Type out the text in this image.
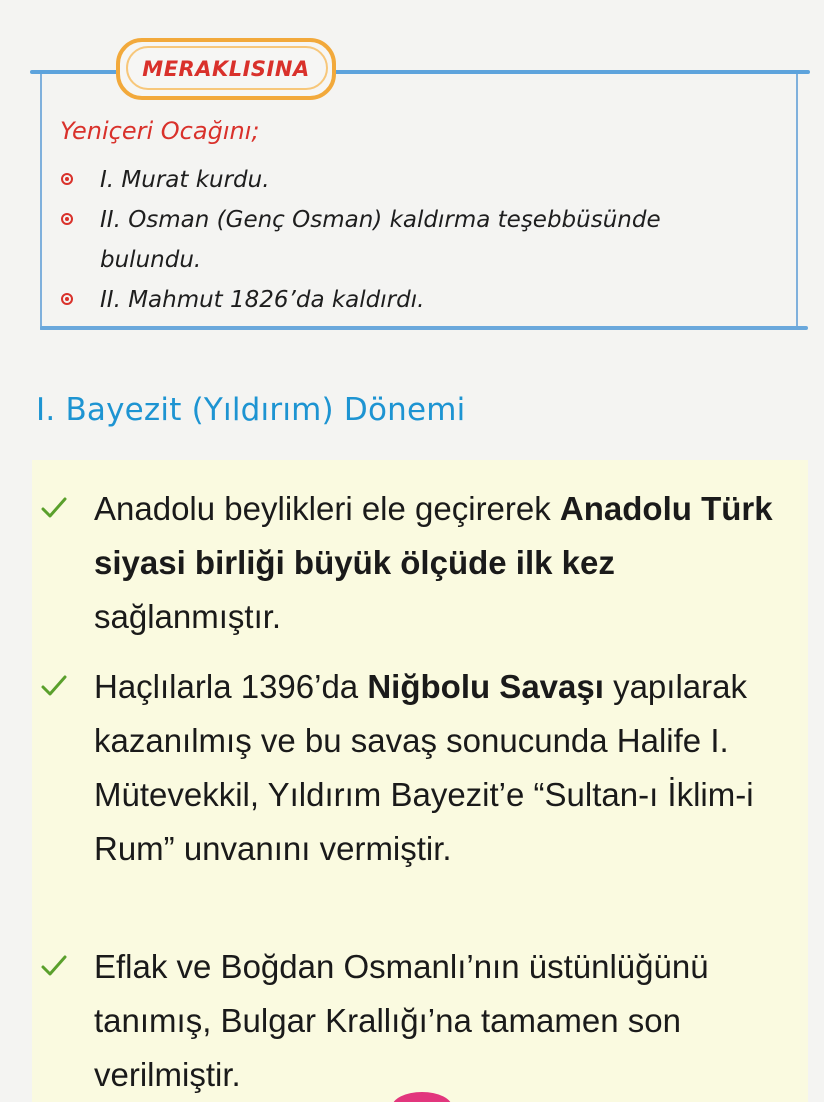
MERAKLISINA

Yeniçeri Ocağını;

I. Murat kurdu.
II. Osman (Genç Osman) kaldırma teşebbüsünde bulundu.
II. Mahmut 1826’da kaldırdı.
I. Bayezit (Yıldırım) Dönemi
Anadolu beylikleri ele geçirerek Anadolu Türk siyasi birliği büyük ölçüde ilk kez sağlanmıştır.
Haçlılarla 1396’da Niğbolu Savaşı yapılarak kazanılmış ve bu savaş sonucunda Halife I. Mütevekkil, Yıldırım Bayezit’e “Sultan-ı İklim-i Rum” unvanını vermiştir.
Eflak ve Boğdan Osmanlı’nın üstünlüğünü tanımış, Bulgar Krallığı’na tamamen son verilmiştir.
